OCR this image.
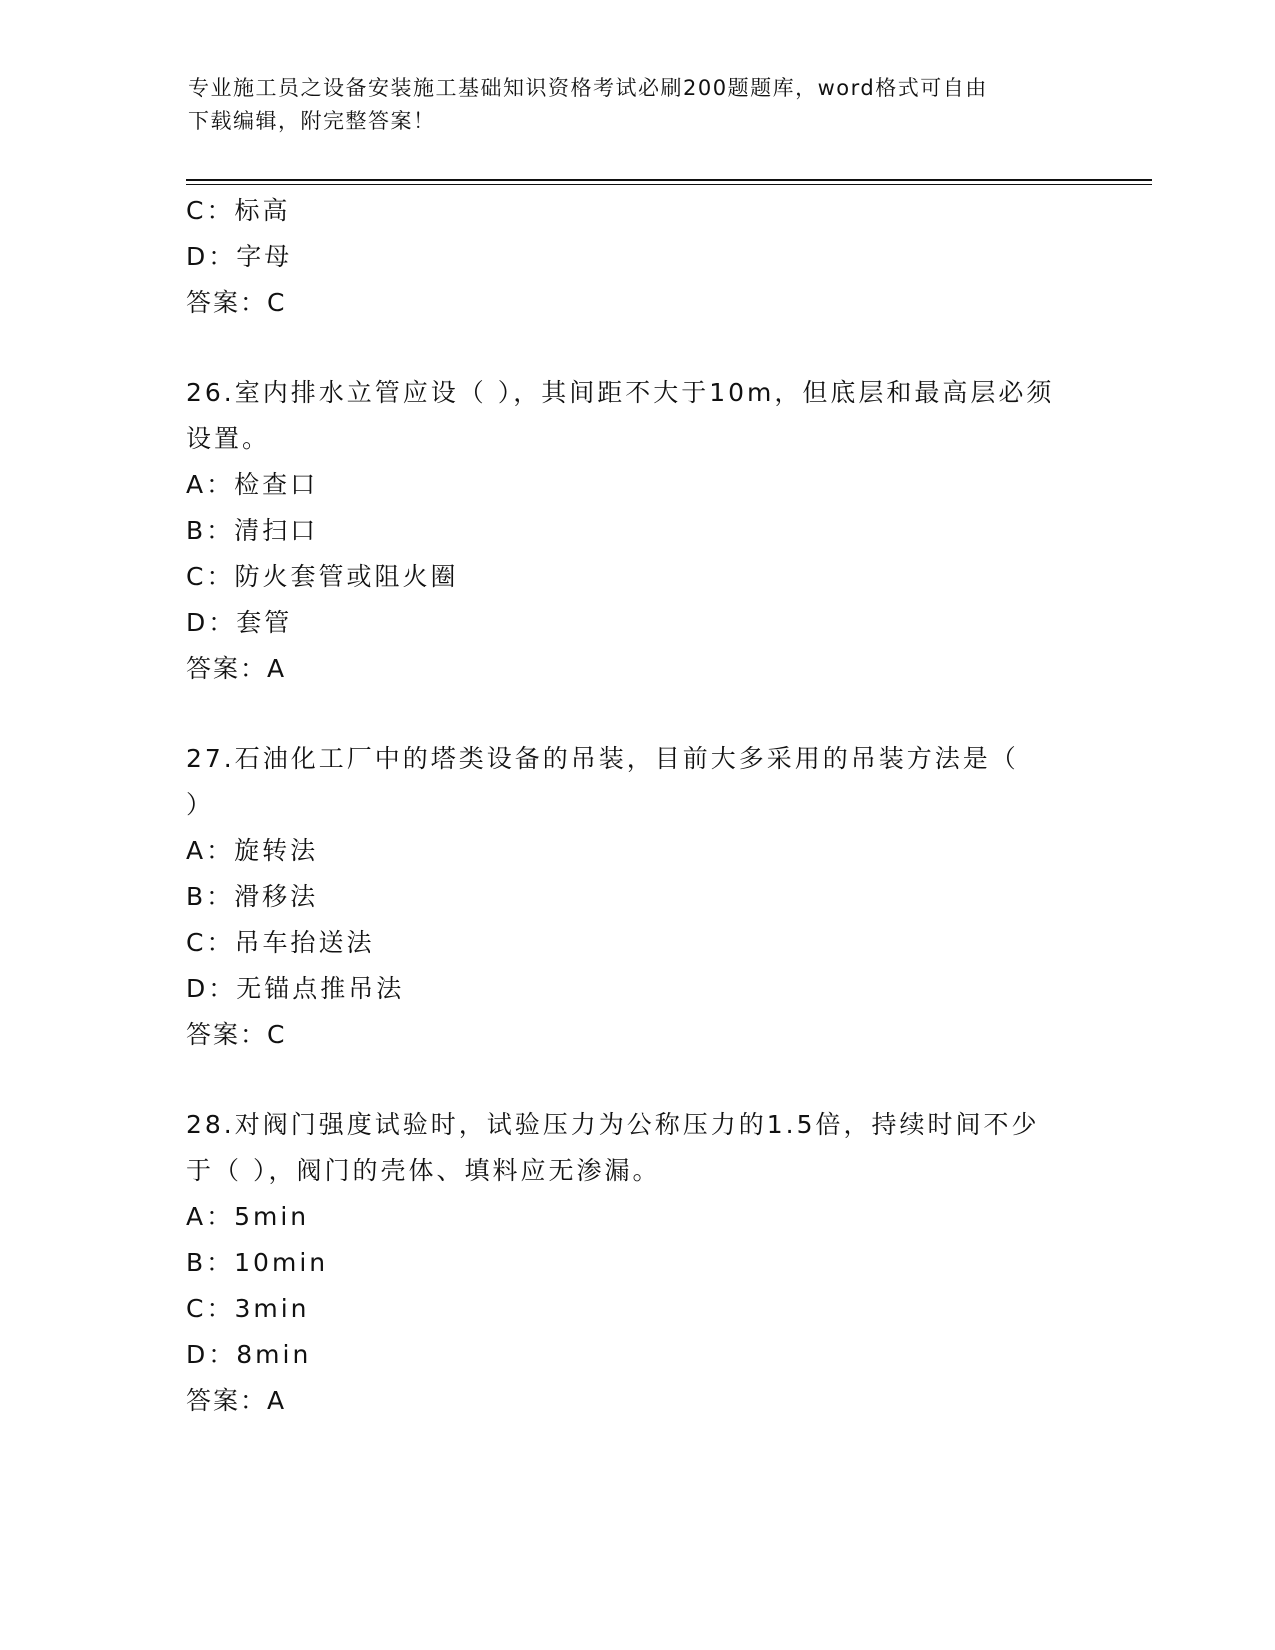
专业施工员之设备安装施工基础知识资格考试必刷200题题库，word格式可自由
下载编辑，附完整答案！
C：标高
D：字母
答案：C
26.室内排水立管应设（ ），其间距不大于10m，但底层和最高层必须
设置。
A：检查口
B：清扫口
C：防火套管或阻火圈
D：套管
答案：A
27.石油化工厂中的塔类设备的吊装，目前大多采用的吊装方法是（
）
A：旋转法
B：滑移法
C：吊车抬送法
D：无锚点推吊法
答案：C
28.对阀门强度试验时，试验压力为公称压力的1.5倍，持续时间不少
于（ ），阀门的壳体、填料应无渗漏。
A：5min
B：10min
C：3min
D：8min
答案：A
